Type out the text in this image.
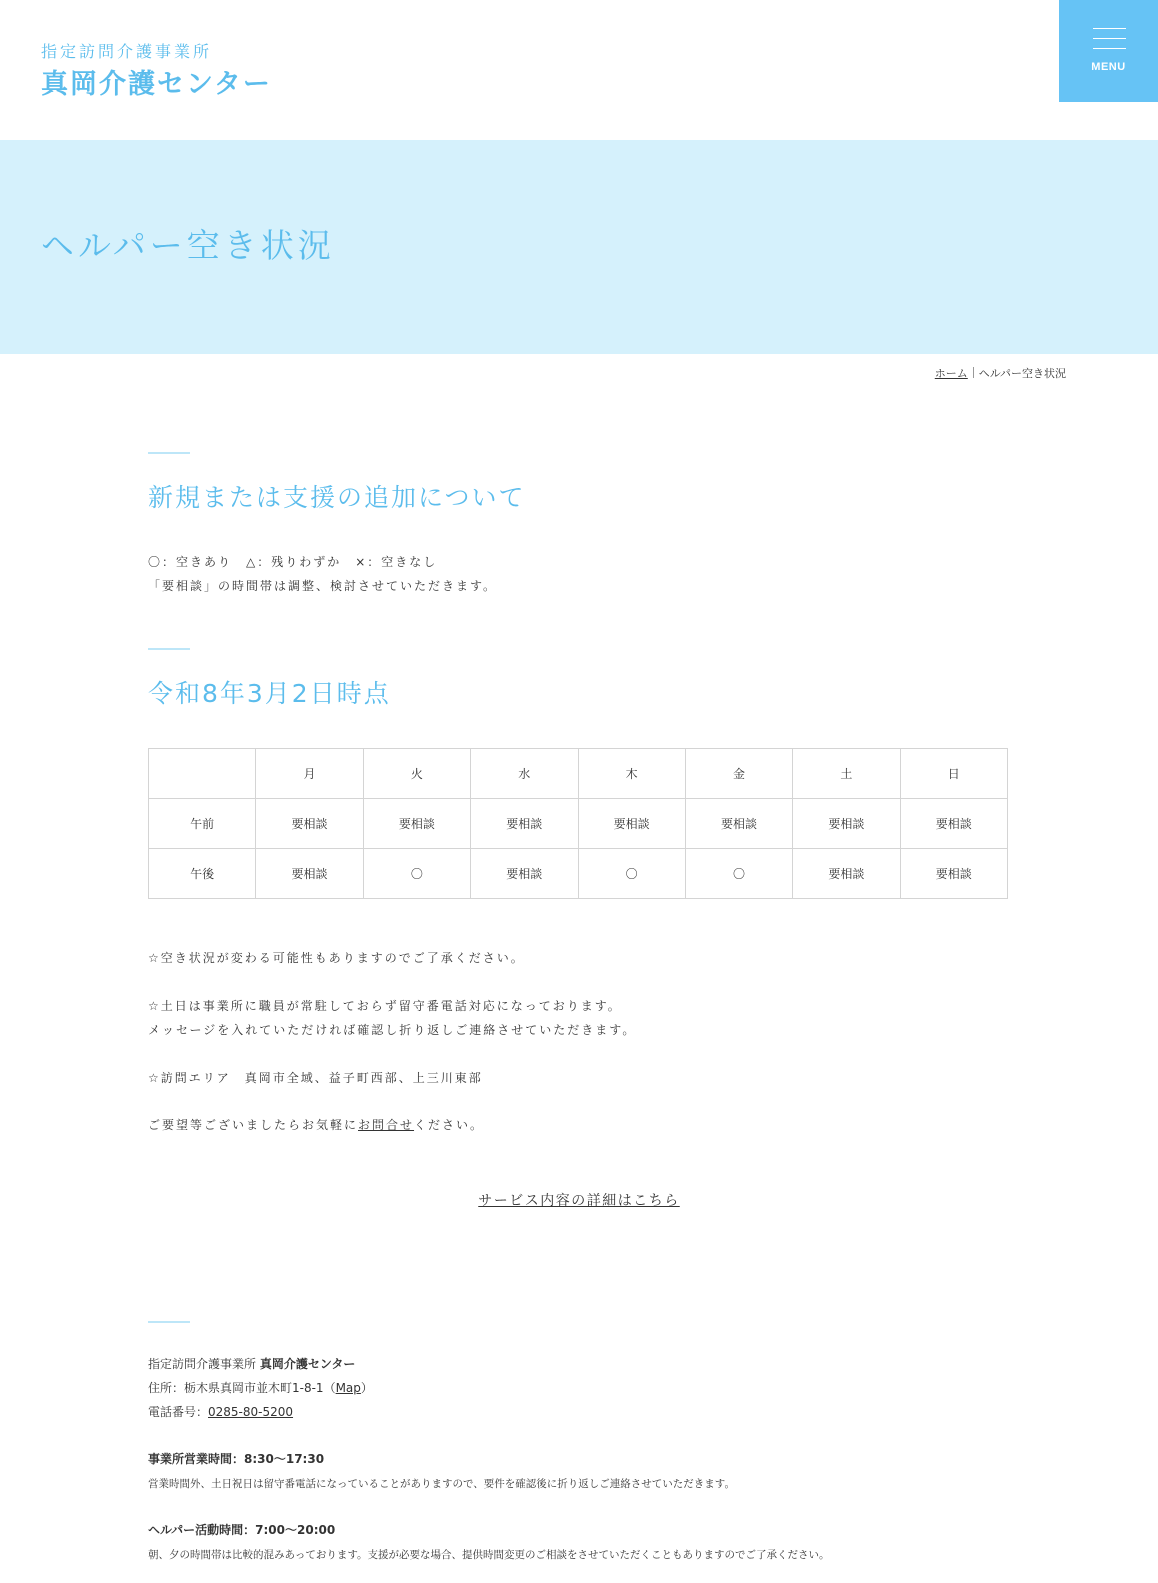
指定訪問介護事業所
真岡介護センター
MENU
ヘルパー空き状況
ホーム ヘルパー空き状況
新規または支援の追加について

〇：空きあり　△：残りわずか　×：空きなし

「要相談」の時間帯は調整、検討させていただきます。

令和8年3月2日時点
	月	火	水	木	金	土	日
午前	要相談	要相談	要相談	要相談	要相談	要相談	要相談
午後	要相談	〇	要相談	〇	〇	要相談	要相談

☆空き状況が変わる可能性もありますのでご了承ください。

☆土日は事業所に職員が常駐しておらず留守番電話対応になっております。

メッセージを入れていただければ確認し折り返しご連絡させていただきます。

☆訪問エリア　真岡市全域、益子町西部、上三川東部

ご要望等ございましたらお気軽にお問合せください。

サービス内容の詳細はこちら

指定訪問介護事業所 真岡介護センター

住所：栃木県真岡市並木町1-8-1（Map）

電話番号：0285-80-5200

事業所営業時間：8:30〜17:30

営業時間外、土日祝日は留守番電話になっていることがありますので、要件を確認後に折り返しご連絡させていただきます。

ヘルパー活動時間：7:00〜20:00

朝、夕の時間帯は比較的混みあっております。支援が必要な場合、提供時間変更のご相談をさせていただくこともありますのでご了承ください。
